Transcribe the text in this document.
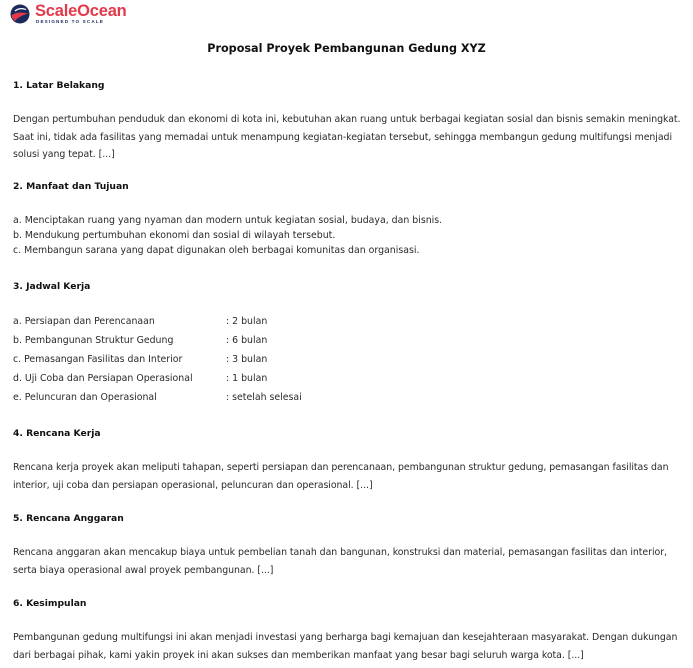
ScaleOcean
DESIGNED TO SCALE
Proposal Proyek Pembangunan Gedung XYZ
1. Latar Belakang
Dengan pertumbuhan penduduk dan ekonomi di kota ini, kebutuhan akan ruang untuk berbagai kegiatan sosial dan bisnis semakin meningkat. Saat ini, tidak ada fasilitas yang memadai untuk menampung kegiatan-kegiatan tersebut, sehingga membangun gedung multifungsi menjadi solusi yang tepat. [...]
2. Manfaat dan Tujuan
a. Menciptakan ruang yang nyaman dan modern untuk kegiatan sosial, budaya, dan bisnis.
b. Mendukung pertumbuhan ekonomi dan sosial di wilayah tersebut.
c. Membangun sarana yang dapat digunakan oleh berbagai komunitas dan organisasi.
3. Jadwal Kerja
a. Persiapan dan Perencanaan	: 2 bulan
b. Pembangunan Struktur Gedung	: 6 bulan
c. Pemasangan Fasilitas dan Interior	: 3 bulan
d. Uji Coba dan Persiapan Operasional	: 1 bulan
e. Peluncuran dan Operasional	: setelah selesai
4. Rencana Kerja
Rencana kerja proyek akan meliputi tahapan, seperti persiapan dan perencanaan, pembangunan struktur gedung, pemasangan fasilitas dan interior, uji coba dan persiapan operasional, peluncuran dan operasional. [...]
5. Rencana Anggaran
Rencana anggaran akan mencakup biaya untuk pembelian tanah dan bangunan, konstruksi dan material, pemasangan fasilitas dan interior, serta biaya operasional awal proyek pembangunan. [...]
6. Kesimpulan
Pembangunan gedung multifungsi ini akan menjadi investasi yang berharga bagi kemajuan dan kesejahteraan masyarakat. Dengan dukungan dari berbagai pihak, kami yakin proyek ini akan sukses dan memberikan manfaat yang besar bagi seluruh warga kota. [...]
